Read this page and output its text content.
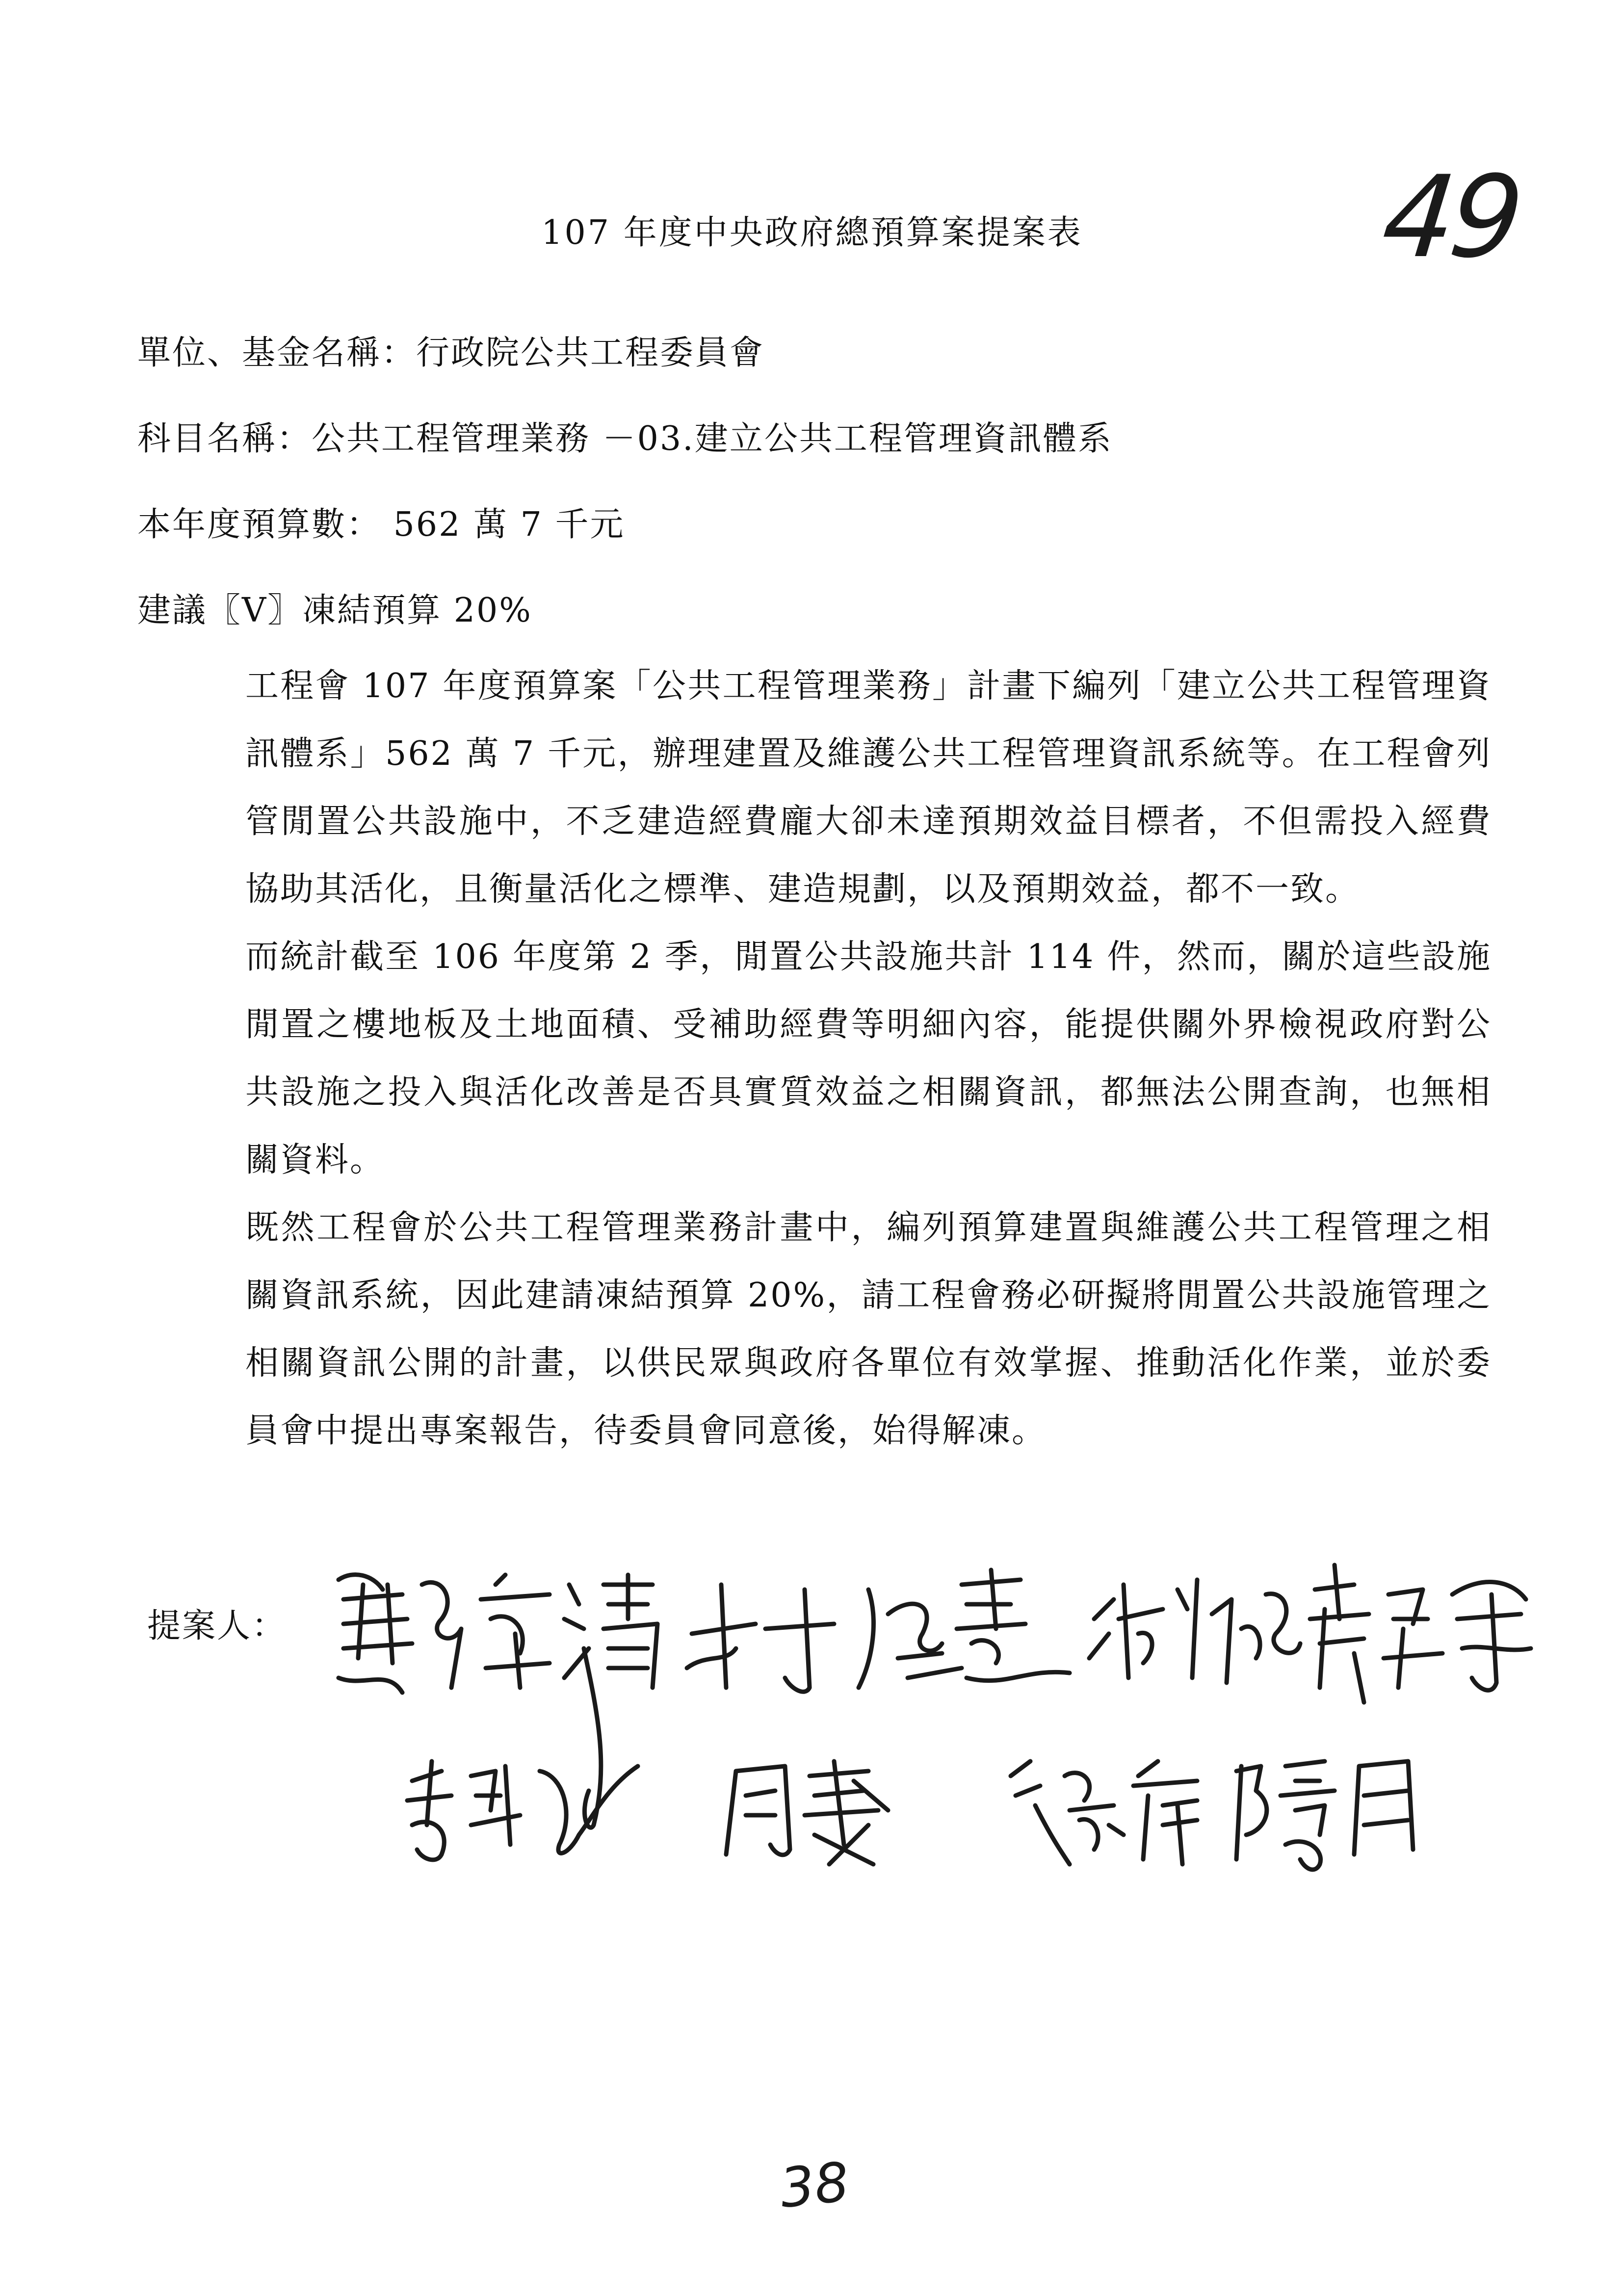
107 年度中央政府總預算案提案表	49
單位、基金名稱：行政院公共工程委員會
科目名稱：公共工程管理業務 －03.建立公共工程管理資訊體系
本年度預算數： 562 萬 7 千元
建議〖V〗凍結預算 20%

工程會 107 年度預算案「公共工程管理業務」計畫下編列「建立公共工程管理資訊體系」562 萬 7 千元，辦理建置及維護公共工程管理資訊系統等。在工程會列管閒置公共設施中，不乏建造經費龐大卻未達預期效益目標者，不但需投入經費協助其活化，且衡量活化之標準、建造規劃，以及預期效益，都不一致。

而統計截至 106 年度第 2 季，閒置公共設施共計 114 件，然而，關於這些設施閒置之樓地板及土地面積、受補助經費等明細內容，能提供關外界檢視政府對公共設施之投入與活化改善是否具實質效益之相關資訊，都無法公開查詢，也無相關資料。

既然工程會於公共工程管理業務計畫中，編列預算建置與維護公共工程管理之相關資訊系統，因此建請凍結預算 20%，請工程會務必研擬將閒置公共設施管理之相關資訊公開的計畫，以供民眾與政府各單位有效掌握、推動活化作業，並於委員會中提出專案報告，待委員會同意後，始得解凍。

提案人：
38
